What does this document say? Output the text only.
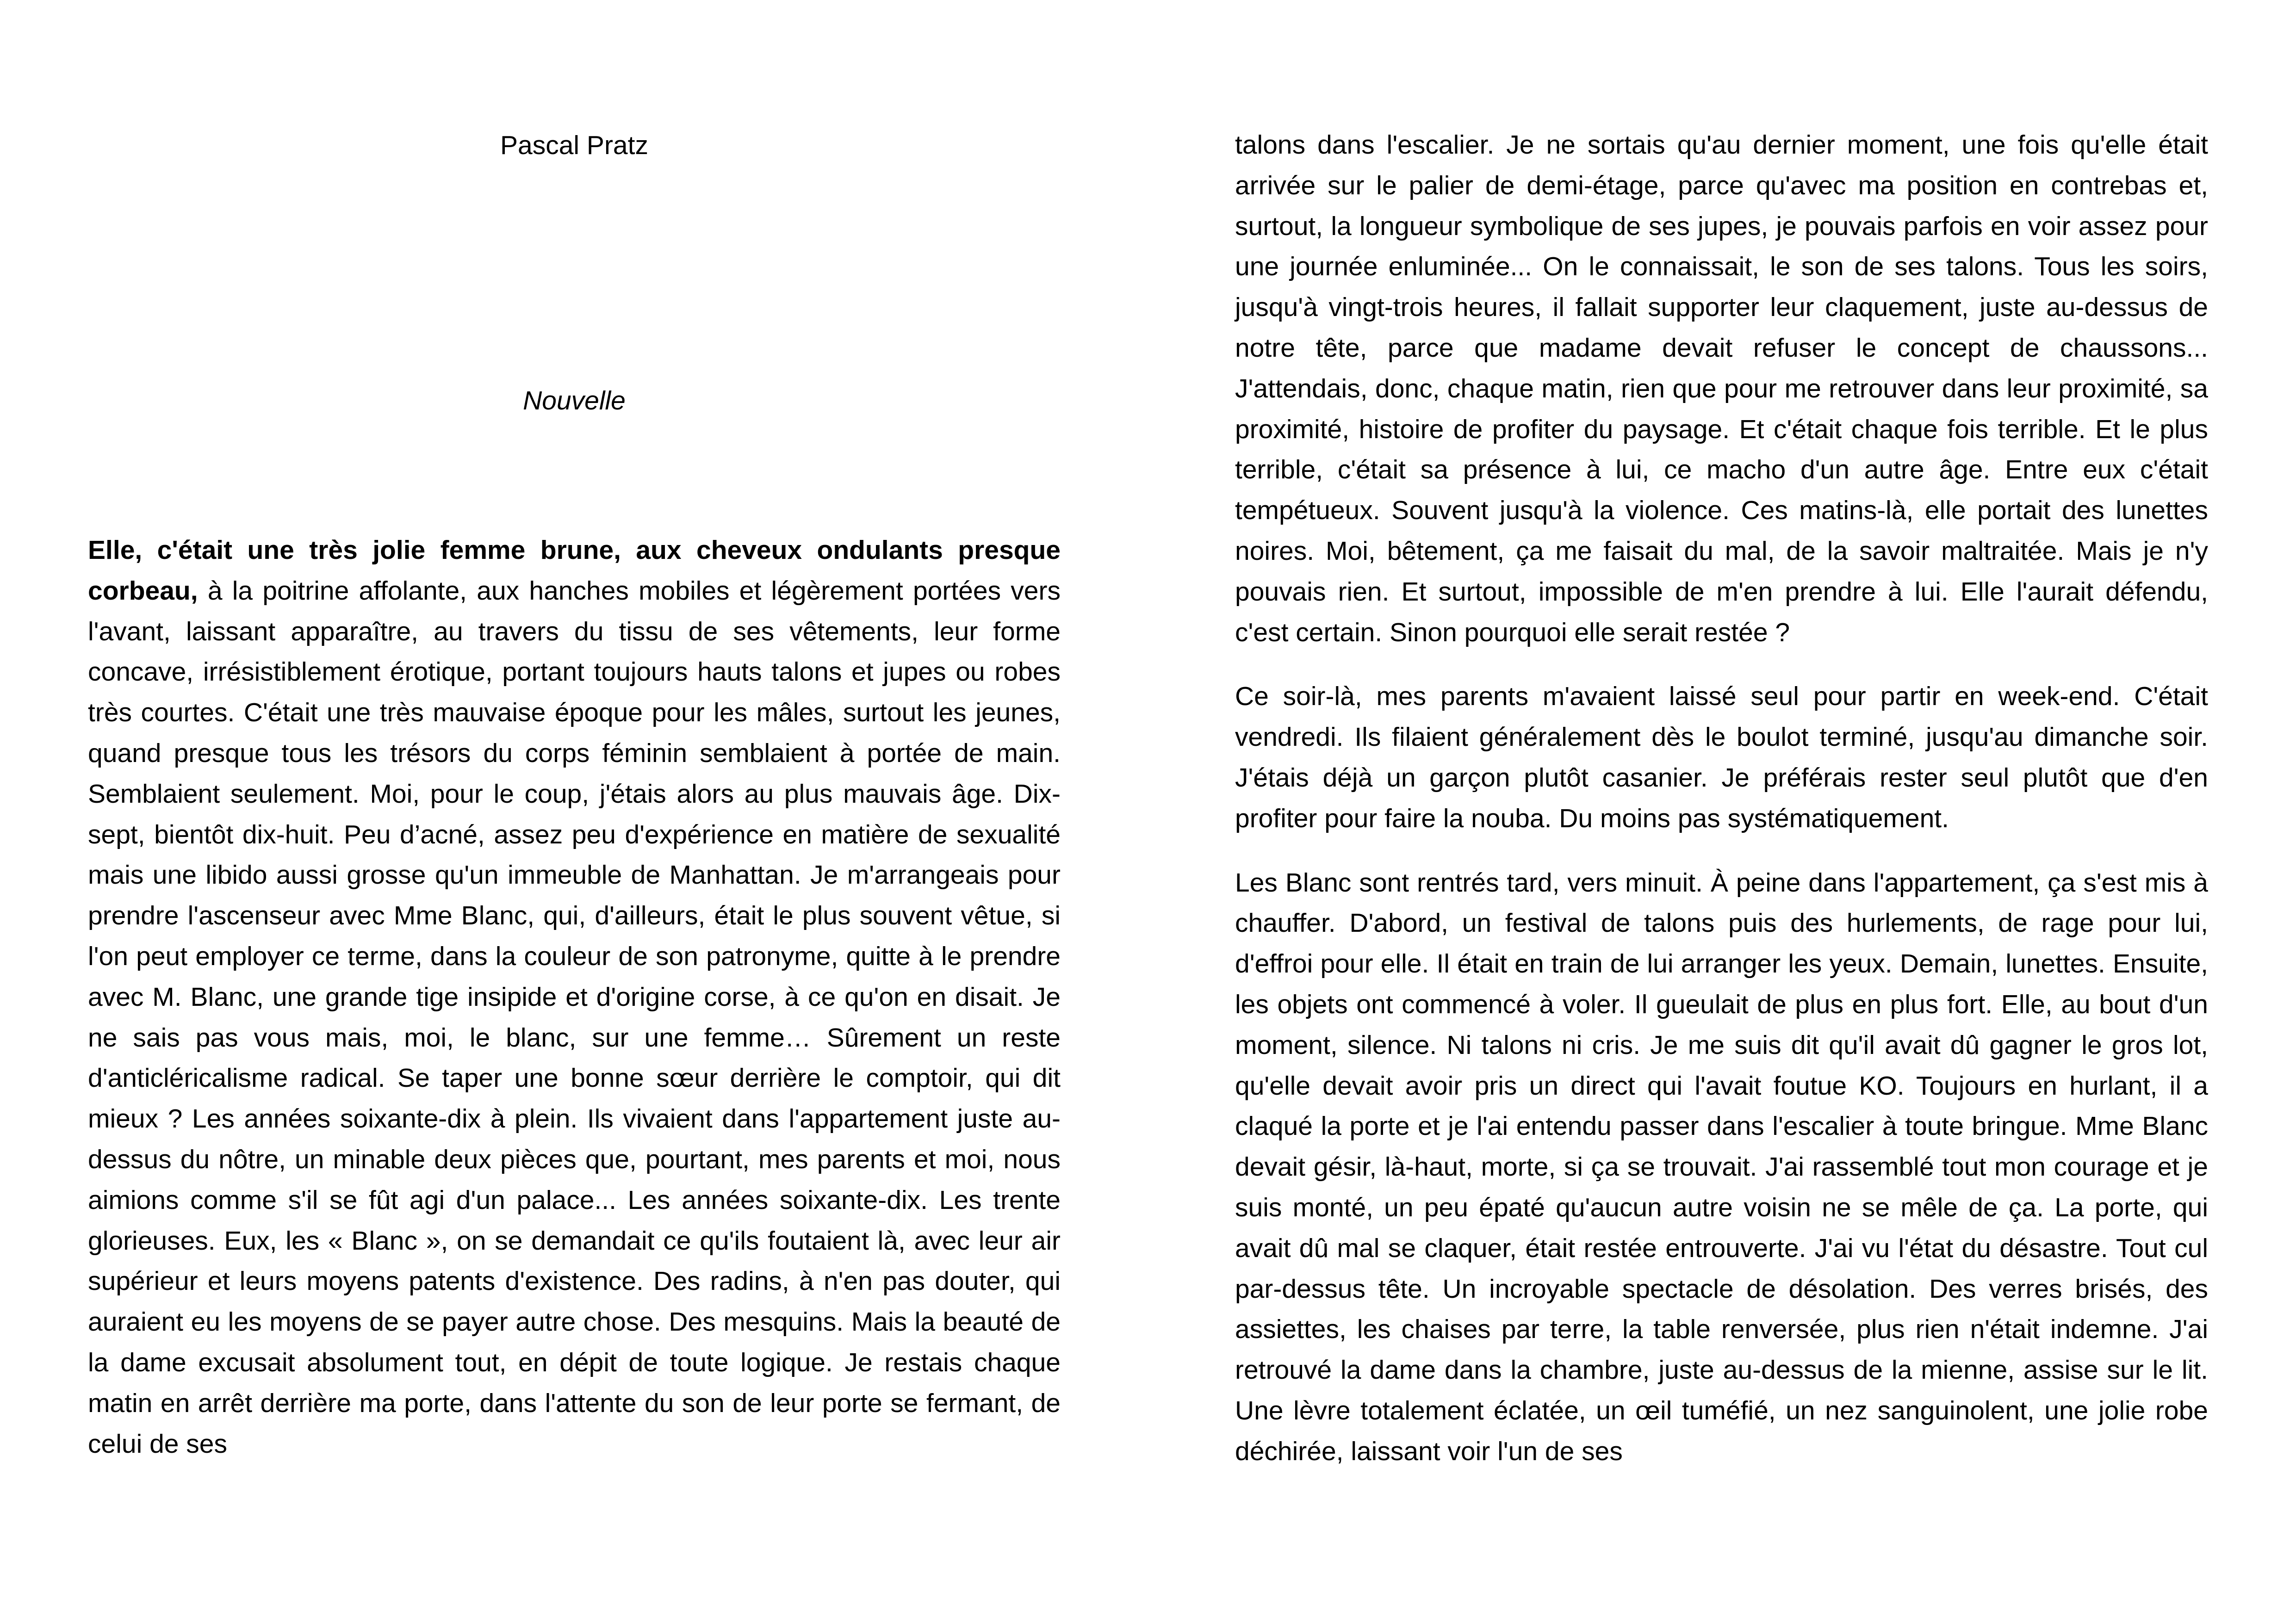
Pascal Pratz
Nouvelle

Elle, c'était une très jolie femme brune, aux cheveux ondulants presque corbeau, à la poitrine affolante, aux hanches mobiles et légèrement portées vers l'avant, laissant apparaître, au travers du tissu de ses vêtements, leur forme concave, irrésistiblement érotique, portant toujours hauts talons et jupes ou robes très courtes. C'était une très mauvaise époque pour les mâles, surtout les jeunes, quand presque tous les trésors du corps féminin semblaient à portée de main. Semblaient seulement. Moi, pour le coup, j'étais alors au plus mauvais âge. Dix-sept, bientôt dix-huit. Peu d’acné, assez peu d'expérience en matière de sexualité mais une libido aussi grosse qu'un immeuble de Manhattan. Je m'arrangeais pour prendre l'ascenseur avec Mme Blanc, qui, d'ailleurs, était le plus souvent vêtue, si l'on peut employer ce terme, dans la couleur de son patronyme, quitte à le prendre avec M. Blanc, une grande tige insipide et d'origine corse, à ce qu'on en disait. Je ne sais pas vous mais, moi, le blanc, sur une femme… Sûrement un reste d'anticléricalisme radical. Se taper une bonne sœur derrière le comptoir, qui dit mieux ? Les années soixante-dix à plein. Ils vivaient dans l'appartement juste au-dessus du nôtre, un minable deux pièces que, pourtant, mes parents et moi, nous aimions comme s'il se fût agi d'un palace... Les années soixante-dix. Les trente glorieuses. Eux, les « Blanc », on se demandait ce qu'ils foutaient là, avec leur air supérieur et leurs moyens patents d'existence. Des radins, à n'en pas douter, qui auraient eu les moyens de se payer autre chose. Des mesquins. Mais la beauté de la dame excusait absolument tout, en dépit de toute logique. Je restais chaque matin en arrêt derrière ma porte, dans l'attente du son de leur porte se fermant, de celui de ses

talons dans l'escalier. Je ne sortais qu'au dernier moment, une fois qu'elle était arrivée sur le palier de demi-étage, parce qu'avec ma position en contrebas et, surtout, la longueur symbolique de ses jupes, je pouvais parfois en voir assez pour une journée enluminée... On le connaissait, le son de ses talons. Tous les soirs, jusqu'à vingt-trois heures, il fallait supporter leur claquement, juste au-dessus de notre tête, parce que madame devait refuser le concept de chaussons... J'attendais, donc, chaque matin, rien que pour me retrouver dans leur proximité, sa proximité, histoire de profiter du paysage. Et c'était chaque fois terrible. Et le plus terrible, c'était sa présence à lui, ce macho d'un autre âge. Entre eux c'était tempétueux. Souvent jusqu'à la violence. Ces matins-là, elle portait des lunettes noires. Moi, bêtement, ça me faisait du mal, de la savoir maltraitée. Mais je n'y pouvais rien. Et surtout, impossible de m'en prendre à lui. Elle l'aurait défendu, c'est certain. Sinon pourquoi elle serait restée ?

Ce soir-là, mes parents m'avaient laissé seul pour partir en week-end. C'était vendredi. Ils filaient généralement dès le boulot terminé, jusqu'au dimanche soir. J'étais déjà un garçon plutôt casanier. Je préférais rester seul plutôt que d'en profiter pour faire la nouba. Du moins pas systématiquement.

Les Blanc sont rentrés tard, vers minuit. À peine dans l'appartement, ça s'est mis à chauffer. D'abord, un festival de talons puis des hurlements, de rage pour lui, d'effroi pour elle. Il était en train de lui arranger les yeux. Demain, lunettes. Ensuite, les objets ont commencé à voler. Il gueulait de plus en plus fort. Elle, au bout d'un moment, silence. Ni talons ni cris. Je me suis dit qu'il avait dû gagner le gros lot, qu'elle devait avoir pris un direct qui l'avait foutue KO. Toujours en hurlant, il a claqué la porte et je l'ai entendu passer dans l'escalier à toute bringue. Mme Blanc devait gésir, là-haut, morte, si ça se trouvait. J'ai rassemblé tout mon courage et je suis monté, un peu épaté qu'aucun autre voisin ne se mêle de ça. La porte, qui avait dû mal se claquer, était restée entrouverte. J'ai vu l'état du désastre. Tout cul par-dessus tête. Un incroyable spectacle de désolation. Des verres brisés, des assiettes, les chaises par terre, la table renversée, plus rien n'était indemne. J'ai retrouvé la dame dans la chambre, juste au-dessus de la mienne, assise sur le lit. Une lèvre totalement éclatée, un œil tuméfié, un nez sanguinolent, une jolie robe déchirée, laissant voir l'un de ses
